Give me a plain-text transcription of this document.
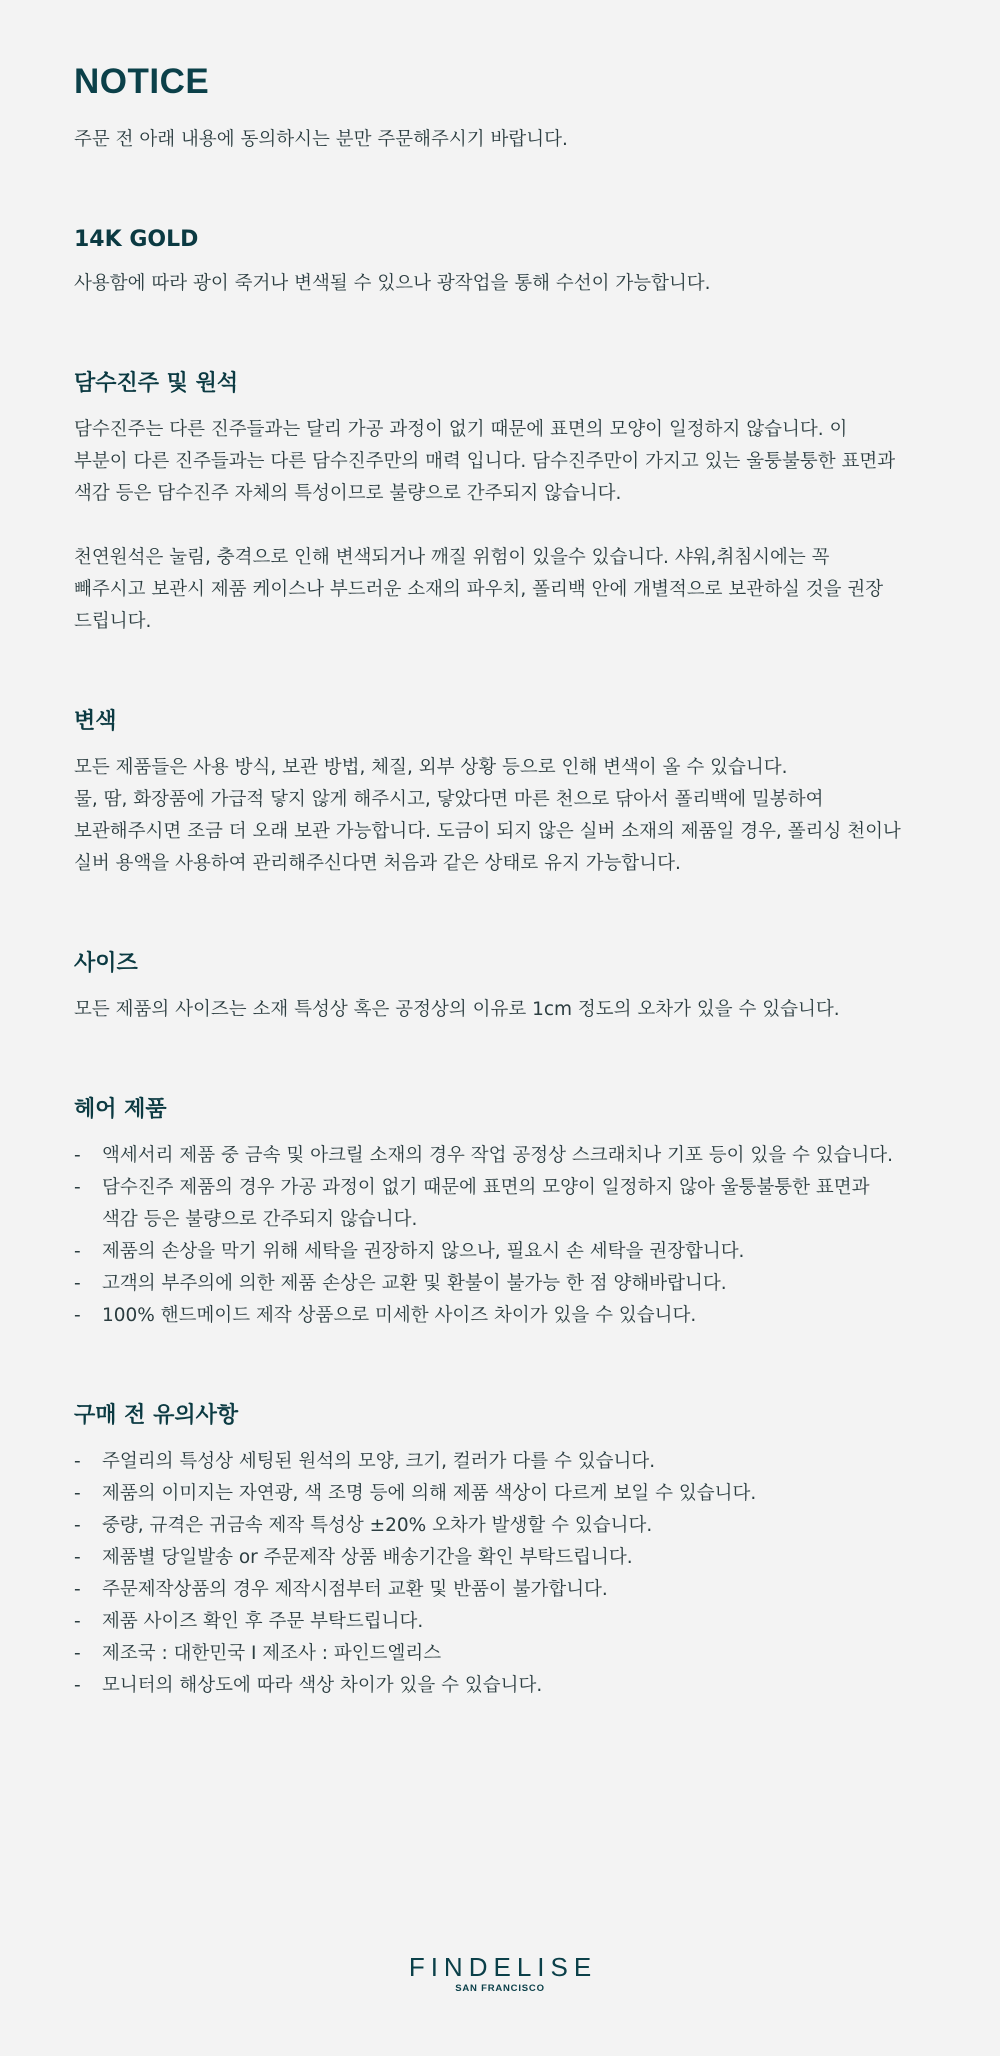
NOTICE

주문 전 아래 내용에 동의하시는 분만 주문해주시기 바랍니다.

14K GOLD

사용함에 따라 광이 죽거나 변색될 수 있으나 광작업을 통해 수선이 가능합니다.

담수진주 및 원석
담수진주는 다른 진주들과는 달리 가공 과정이 없기 때문에 표면의 모양이 일정하지 않습니다. 이
부분이 다른 진주들과는 다른 담수진주만의 매력 입니다. 담수진주만이 가지고 있는 울퉁불퉁한 표면과
색감 등은 담수진주 자체의 특성이므로 불량으로 간주되지 않습니다.
천연원석은 눌림, 충격으로 인해 변색되거나 깨질 위험이 있을수 있습니다. 샤워,취침시에는 꼭
빼주시고 보관시 제품 케이스나 부드러운 소재의 파우치, 폴리백 안에 개별적으로 보관하실 것을 권장
드립니다.
변색
모든 제품들은 사용 방식, 보관 방법, 체질, 외부 상황 등으로 인해 변색이 올 수 있습니다.
물, 땀, 화장품에 가급적 닿지 않게 해주시고, 닿았다면 마른 천으로 닦아서 폴리백에 밀봉하여
보관해주시면 조금 더 오래 보관 가능합니다. 도금이 되지 않은 실버 소재의 제품일 경우, 폴리싱 천이나
실버 용액을 사용하여 관리해주신다면 처음과 같은 상태로 유지 가능합니다.
사이즈

모든 제품의 사이즈는 소재 특성상 혹은 공정상의 이유로 1cm 정도의 오차가 있을 수 있습니다.

헤어 제품
-	액세서리 제품 중 금속 및 아크릴 소재의 경우 작업 공정상 스크래치나 기포 등이 있을 수 있습니다.
-	담수진주 제품의 경우 가공 과정이 없기 때문에 표면의 모양이 일정하지 않아 울퉁불퉁한 표면과
색감 등은 불량으로 간주되지 않습니다.
-	제품의 손상을 막기 위해 세탁을 권장하지 않으나, 필요시 손 세탁을 권장합니다.
-	고객의 부주의에 의한 제품 손상은 교환 및 환불이 불가능 한 점 양해바랍니다.
-	100% 핸드메이드 제작 상품으로 미세한 사이즈 차이가 있을 수 있습니다.
구매 전 유의사항
-	주얼리의 특성상 세팅된 원석의 모양, 크기, 컬러가 다를 수 있습니다.
-	제품의 이미지는 자연광, 색 조명 등에 의해 제품 색상이 다르게 보일 수 있습니다.
-	중량, 규격은 귀금속 제작 특성상 ±20% 오차가 발생할 수 있습니다.
-	제품별 당일발송 or 주문제작 상품 배송기간을 확인 부탁드립니다.
-	주문제작상품의 경우 제작시점부터 교환 및 반품이 불가합니다.
-	제품 사이즈 확인 후 주문 부탁드립니다.
-	제조국 : 대한민국 I 제조사 : 파인드엘리스
-	모니터의 해상도에 따라 색상 차이가 있을 수 있습니다.
FINDELISE
SAN FRANCISCO
